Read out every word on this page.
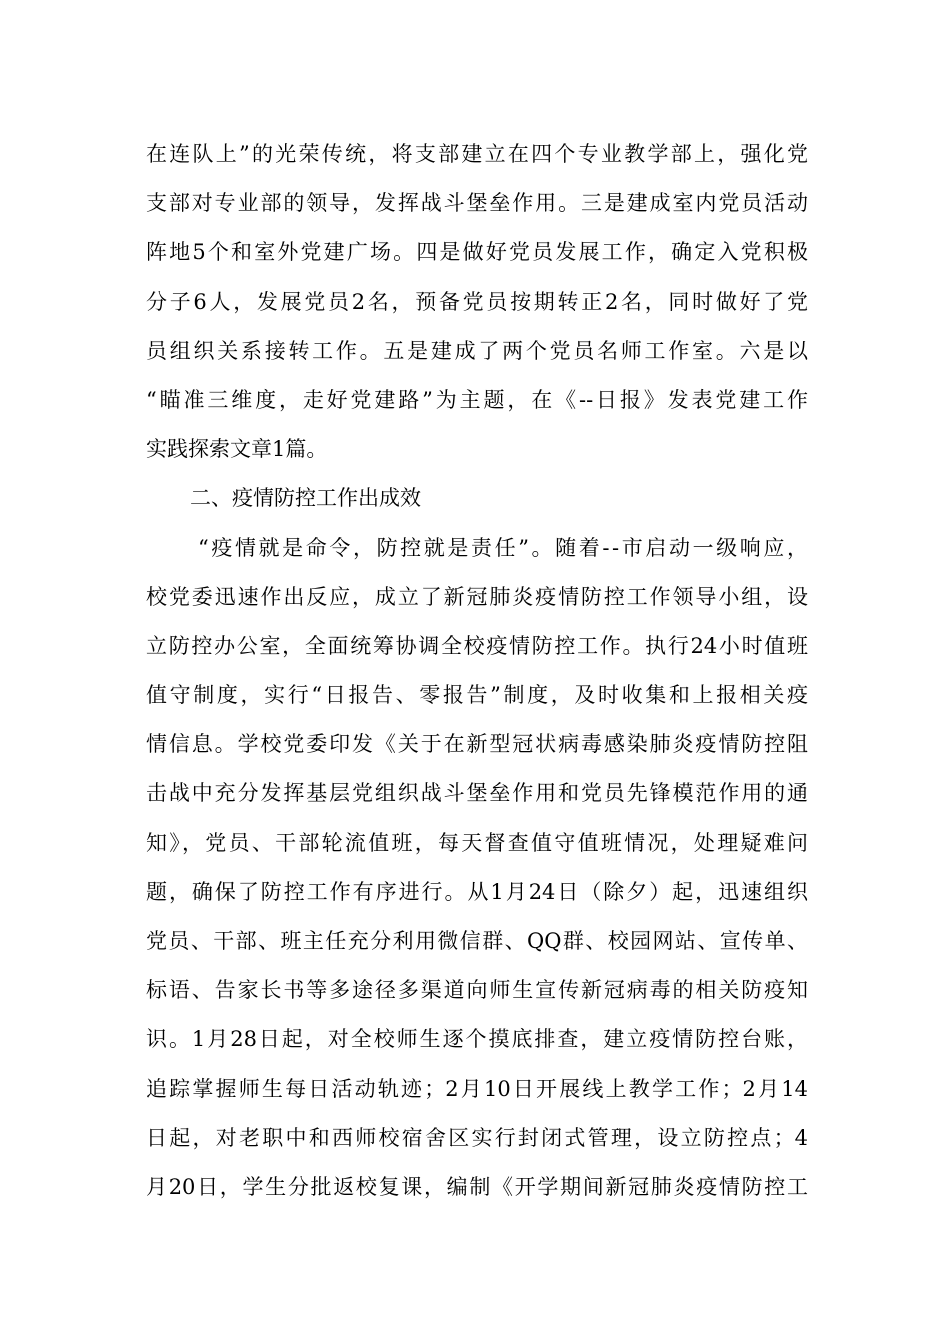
在连队上”的光荣传统，将支部建立在四个专业教学部上，强化党
支部对专业部的领导，发挥战斗堡垒作用。三是建成室内党员活动
阵地5个和室外党建广场。四是做好党员发展工作，确定入党积极
分子6人，发展党员2名，预备党员按期转正2名，同时做好了党
员组织关系接转工作。五是建成了两个党员名师工作室。六是以
“瞄准三维度，走好党建路”为主题，在《--日报》发表党建工作
实践探索文章1篇。
二、疫情防控工作出成效
“疫情就是命令，防控就是责任”。随着--市启动一级响应，
校党委迅速作出反应，成立了新冠肺炎疫情防控工作领导小组，设
立防控办公室，全面统筹协调全校疫情防控工作。执行24小时值班
值守制度，实行“日报告、零报告”制度，及时收集和上报相关疫
情信息。学校党委印发《关于在新型冠状病毒感染肺炎疫情防控阻
击战中充分发挥基层党组织战斗堡垒作用和党员先锋模范作用的通
知》，党员、干部轮流值班，每天督查值守值班情况，处理疑难问
题，确保了防控工作有序进行。从1月24日（除夕）起，迅速组织
党员、干部、班主任充分利用微信群、QQ群、校园网站、宣传单、
标语、告家长书等多途径多渠道向师生宣传新冠病毒的相关防疫知
识。1月28日起，对全校师生逐个摸底排查，建立疫情防控台账，
追踪掌握师生每日活动轨迹；2月10日开展线上教学工作；2月14
日起，对老职中和西师校宿舍区实行封闭式管理，设立防控点；4
月20日，学生分批返校复课，编制《开学期间新冠肺炎疫情防控工
